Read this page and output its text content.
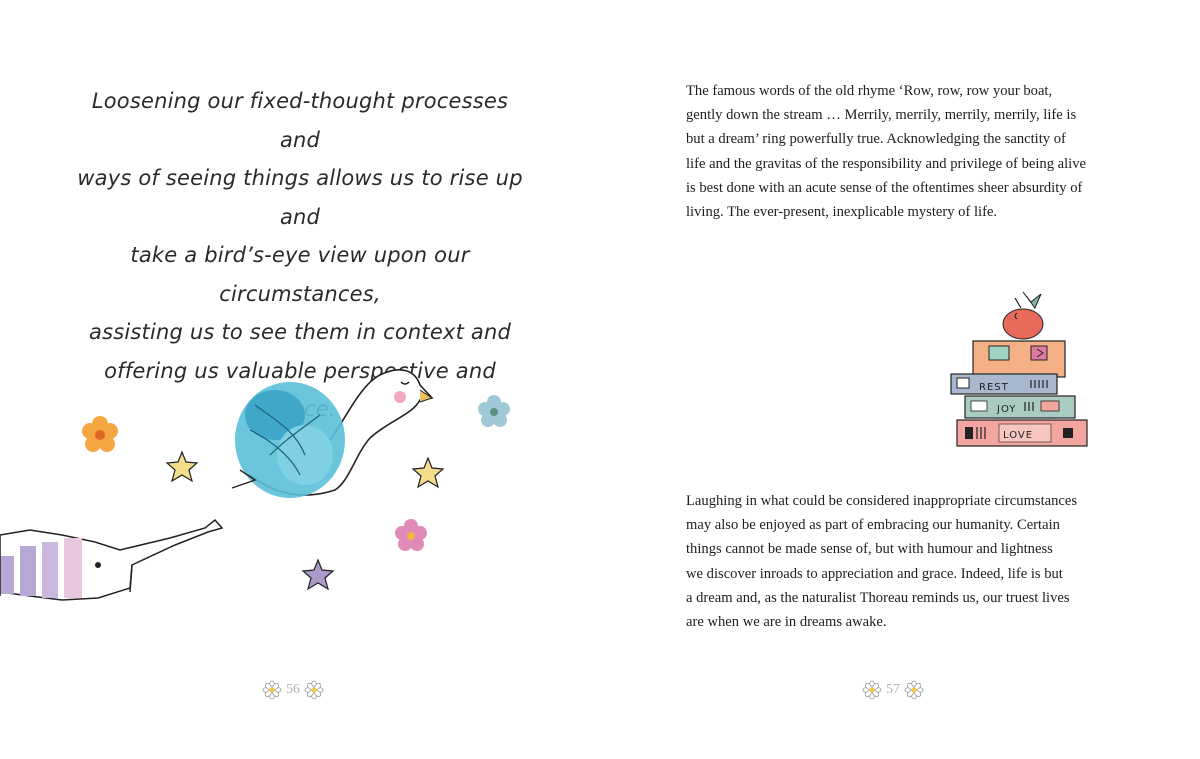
Loosening our fixed-thought processes and
ways of seeing things allows us to rise up and
take a bird’s-eye view upon our circumstances,
assisting us to see them in context and
offering us valuable perspective and
56

The famous words of the old rhyme ‘Row, row, row your boat,
gently down the stream … Merrily, merrily, merrily, merrily, life is
but a dream’ ring powerfully true. Acknowledging the sanctity of
life and the gravitas of the responsibility and privilege of being alive
is best done with an acute sense of the oftentimes sheer absurdity of
living. The ever-present, inexplicable mystery of life.

REST
JOY
LOVE

Laughing in what could be considered inappropriate circumstances
may also be enjoyed as part of embracing our humanity. Certain
things cannot be made sense of, but with humour and lightness
we discover inroads to appreciation and grace. Indeed, life is but
a dream and, as the naturalist Thoreau reminds us, our truest lives
are when we are in dreams awake.

57
